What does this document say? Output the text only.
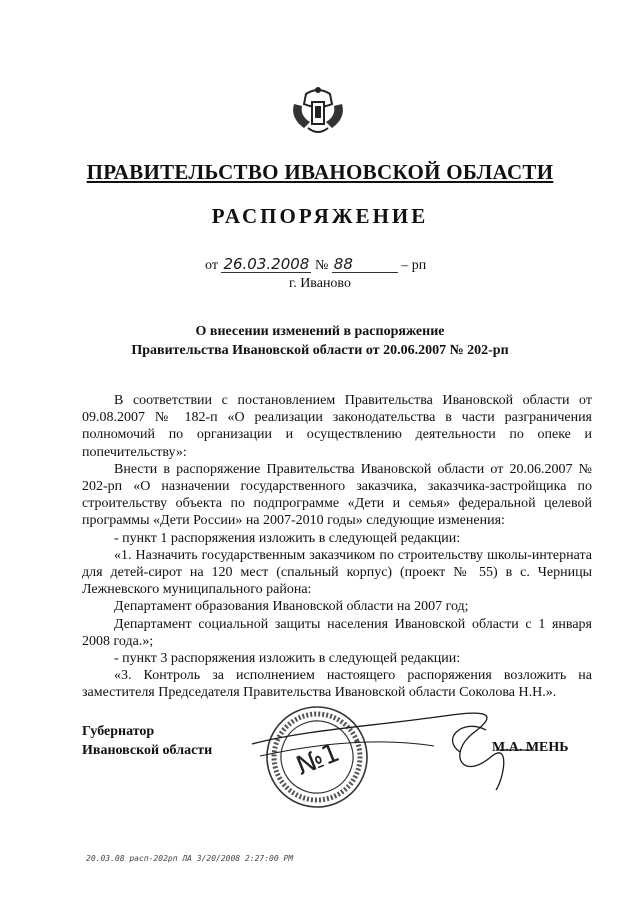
ПРАВИТЕЛЬСТВО ИВАНОВСКОЙ ОБЛАСТИ
РАСПОРЯЖЕНИЕ
от 26.03.2008 № 88	– рп
г. Иваново
О внесении изменений в распоряжение
Правительства Ивановской области от 20.06.2007 № 202-рп

В соответствии с постановлением Правительства Ивановской области от 09.08.2007 № 182-п «О реализации законодательства в части разграничения полномочий по организации и осуществлению деятельности по опеке и попечительству»:

Внести в распоряжение Правительства Ивановской области от 20.06.2007 № 202-рп «О назначении государственного заказчика, заказчика-застройщика по строительству объекта по подпрограмме «Дети и семья» федеральной целевой программы «Дети России» на 2007-2010 годы» следующие изменения:

- пункт 1 распоряжения изложить в следующей редакции:

«1. Назначить государственным заказчиком по строительству школы-интерната для детей-сирот на 120 мест (спальный корпус) (проект № 55) в с. Черницы Лежневского муниципального района:

Департамент образования Ивановской области на 2007 год;

Департамент социальной защиты населения Ивановской области с 1 января 2008 года.»;

- пункт 3 распоряжения изложить в следующей редакции:

«3. Контроль за исполнением настоящего распоряжения возложить на заместителя Председателя Правительства Ивановской области Соколова Н.Н.».

Губернатор
Ивановской области	М.А. МЕНЬ
№1
20.03.08 расп-202рп ЛА 3/20/2008 2:27:00 PM
